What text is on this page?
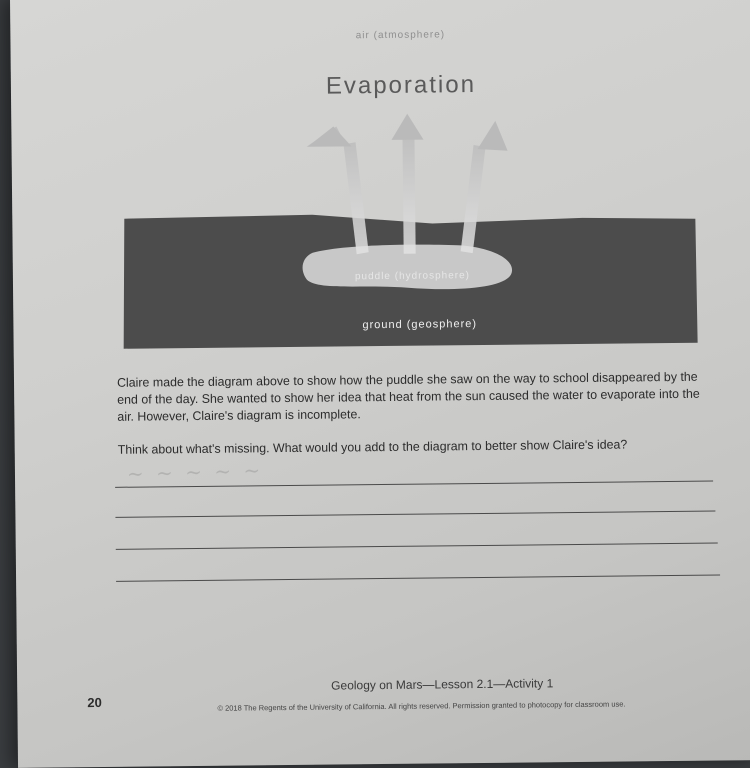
air (atmosphere)
Evaporation
puddle (hydrosphere)
ground (geosphere)
Claire made the diagram above to show how the puddle she saw on the way to school disappeared by the end of the day. She wanted to show her idea that heat from the sun caused the water to evaporate into the air. However, Claire's diagram is incomplete.
Think about what's missing. What would you add to the diagram to better show Claire's idea?
~ ~ ~ ~ ~
20
Geology on Mars—Lesson 2.1—Activity 1
© 2018 The Regents of the University of California. All rights reserved. Permission granted to photocopy for classroom use.
